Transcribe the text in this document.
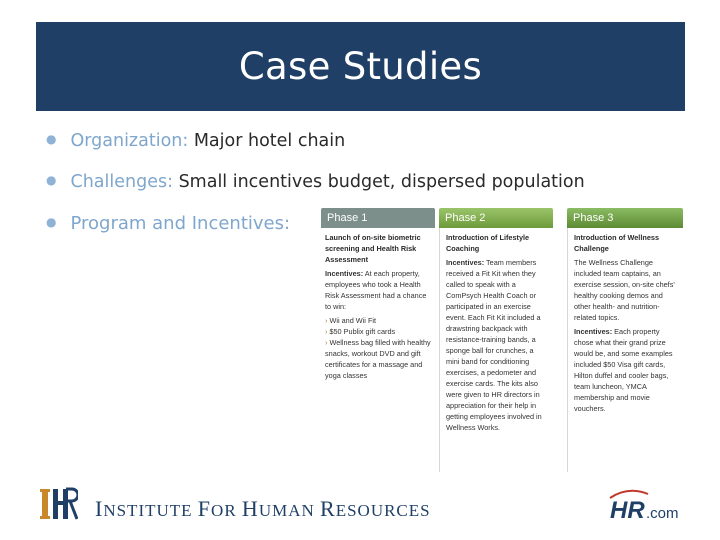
Case Studies
● Organization: Major hotel chain
● Challenges: Small incentives budget, dispersed population
● Program and Incentives:	Phase 1
Launch of on-site biometric screening and Health Risk Assessment
Incentives: At each property, employees who took a Health Risk Assessment had a chance to win:
› Wii and Wii Fit
› $50 Publix gift cards
› Wellness bag filled with healthy snacks, workout DVD and gift certificates for a massage and yoga classes
Phase 2
Introduction of Lifestyle Coaching
Incentives: Team members received a Fit Kit when they called to speak with a ComPsych Health Coach or participated in an exercise event. Each Fit Kit included a drawstring backpack with resistance-training bands, a sponge ball for crunches, a mini band for conditioning exercises, a pedometer and exercise cards. The kits also were given to HR directors in appreciation for their help in getting employees involved in Wellness Works.
Phase 3
Introduction of Wellness Challenge
The Wellness Challenge included team captains, an exercise session, on-site chefs' healthy cooking demos and other health- and nutrition-related topics.
Incentives: Each property chose what their grand prize would be, and some examples included $50 Visa gift cards, Hilton duffel and cooler bags, team luncheon, YMCA membership and movie vouchers.
INSTITUTE FOR HUMAN RESOURCES	HR .com
